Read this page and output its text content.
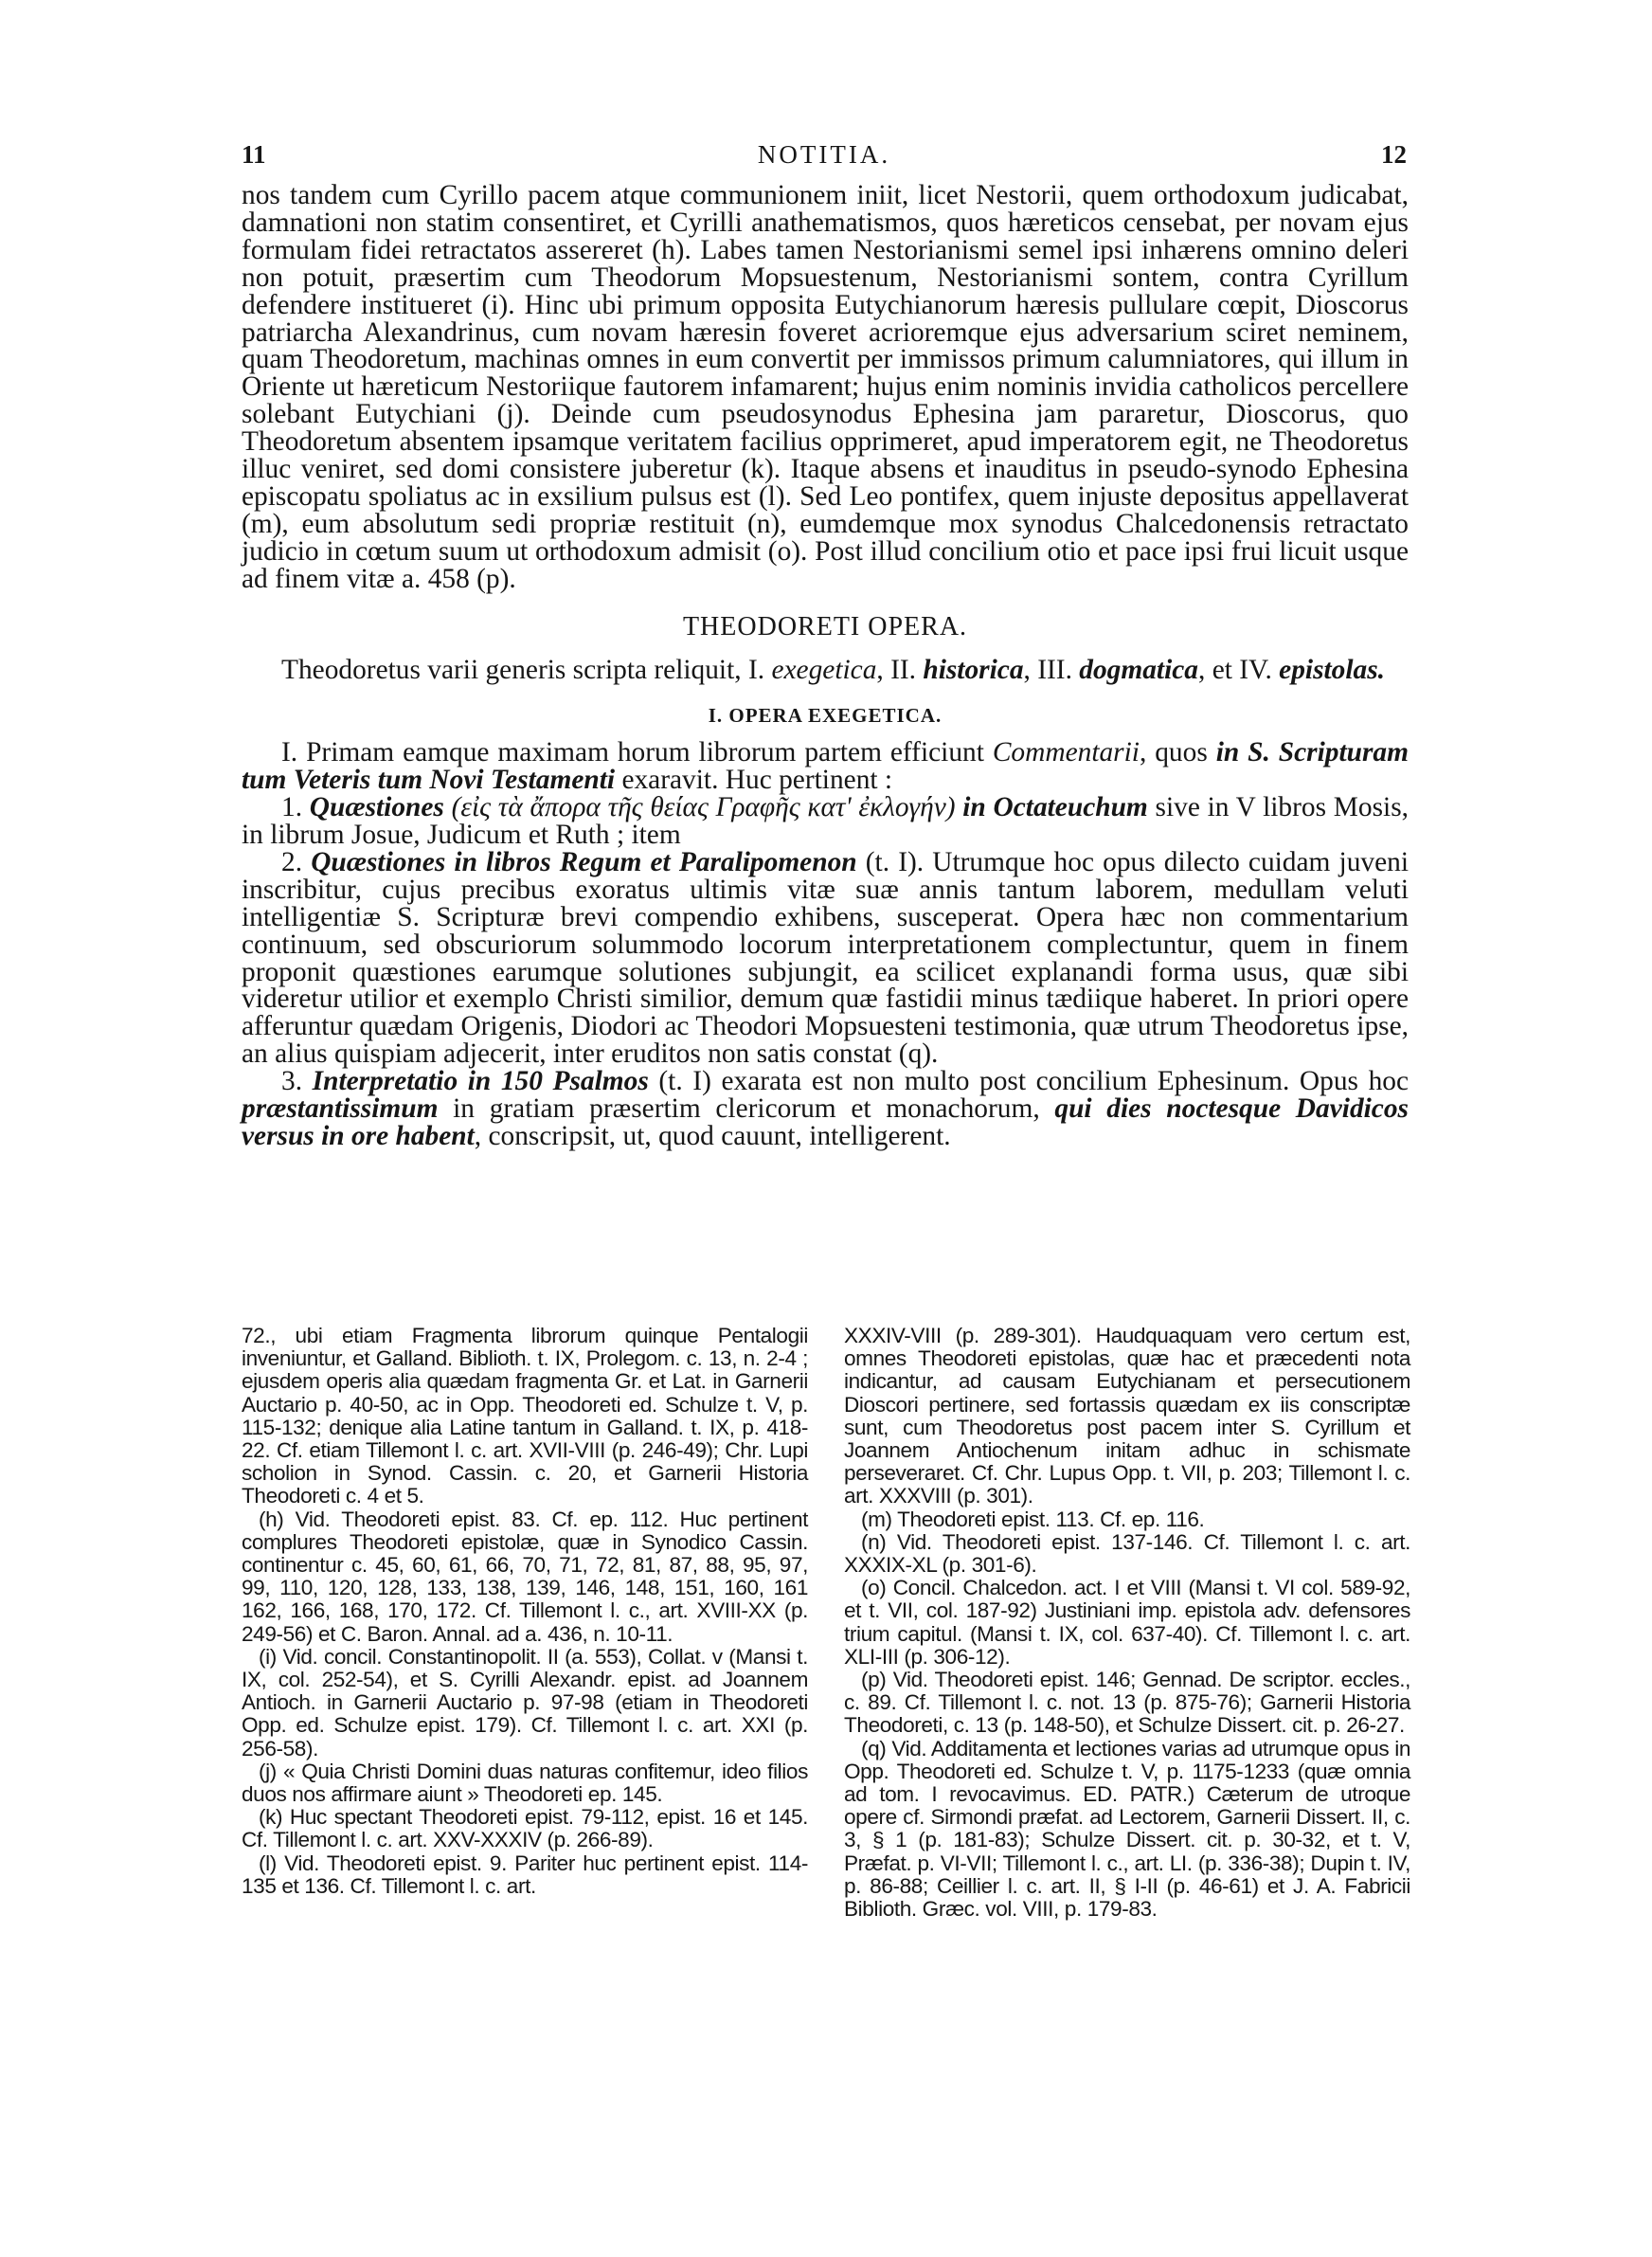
11	NOTITIA.	12

nos tandem cum Cyrillo pacem atque communionem iniit, licet Nestorii, quem orthodoxum judicabat, damnationi non statim consentiret, et Cyrilli anathematismos, quos hæreticos censebat, per novam ejus formulam fidei retractatos assereret (h). Labes tamen Nestorianismi semel ipsi inhærens omnino deleri non potuit, præsertim cum Theodorum Mopsuestenum, Nestorianismi sontem, contra Cyrillum defendere institueret (i). Hinc ubi primum opposita Eutychianorum hæresis pullulare cœpit, Dioscorus patriarcha Alexandrinus, cum novam hæresin foveret acrioremque ejus adversarium sciret neminem, quam Theodoretum, machinas omnes in eum convertit per immissos primum calumniatores, qui illum in Oriente ut hæreticum Nestoriique fautorem infamarent; hujus enim nominis invidia catholicos percellere solebant Eutychiani (j). Deinde cum pseudosynodus Ephesina jam pararetur, Dioscorus, quo Theodoretum absentem ipsamque veritatem facilius opprimeret, apud imperatorem egit, ne Theodoretus illuc veniret, sed domi consistere juberetur (k). Itaque absens et inauditus in pseudo-synodo Ephesina episcopatu spoliatus ac in exsilium pulsus est (l). Sed Leo pontifex, quem injuste depositus appellaverat (m), eum absolutum sedi propriæ restituit (n), eumdemque mox synodus Chalcedonensis retractato judicio in cœtum suum ut orthodoxum admisit (o). Post illud concilium otio et pace ipsi frui licuit usque ad finem vitæ a. 458 (p).

THEODORETI OPERA.

Theodoretus varii generis scripta reliquit, I. exegetica, II. historica, III. dogmatica, et IV. epistolas.

I. OPERA EXEGETICA.

I. Primam eamque maximam horum librorum partem efficiunt Commentarii, quos in S. Scripturam tum Veteris tum Novi Testamenti exaravit. Huc pertinent :

1. Quæstiones (εἰς τὰ ἄπορα τῆς θείας Γραφῆς κατ' ἐκλογήν) in Octateuchum sive in V libros Mosis, in librum Josue, Judicum et Ruth ; item

2. Quæstiones in libros Regum et Paralipomenon (t. I). Utrumque hoc opus dilecto cuidam juveni inscribitur, cujus precibus exoratus ultimis vitæ suæ annis tantum laborem, medullam veluti intelligentiæ S. Scripturæ brevi compendio exhibens, susceperat. Opera hæc non commentarium continuum, sed obscuriorum solummodo locorum interpretationem complectuntur, quem in finem proponit quæstiones earumque solutiones subjungit, ea scilicet explanandi forma usus, quæ sibi videretur utilior et exemplo Christi similior, demum quæ fastidii minus tædiique haberet. In priori opere afferuntur quædam Origenis, Diodori ac Theodori Mopsuesteni testimonia, quæ utrum Theodoretus ipse, an alius quispiam adjecerit, inter eruditos non satis constat (q).

3. Interpretatio in 150 Psalmos (t. I) exarata est non multo post concilium Ephesinum. Opus hoc præstantissimum in gratiam præsertim clericorum et monachorum, qui dies noctesque Davidicos versus in ore habent, conscripsit, ut, quod cauunt, intelligerent.

72., ubi etiam Fragmenta librorum quinque Pentalogii inveniuntur, et Galland. Biblioth. t. IX, Prolegom. c. 13, n. 2-4 ; ejusdem operis alia quædam fragmenta Gr. et Lat. in Garnerii Auctario p. 40-50, ac in Opp. Theodoreti ed. Schulze t. V, p. 115-132; denique alia Latine tantum in Galland. t. IX, p. 418-22. Cf. etiam Tillemont l. c. art. XVII-VIII (p. 246-49); Chr. Lupi scholion in Synod. Cassin. c. 20, et Garnerii Historia Theodoreti c. 4 et 5.

(h) Vid. Theodoreti epist. 83. Cf. ep. 112. Huc pertinent complures Theodoreti epistolæ, quæ in Synodico Cassin. continentur c. 45, 60, 61, 66, 70, 71, 72, 81, 87, 88, 95, 97, 99, 110, 120, 128, 133, 138, 139, 146, 148, 151, 160, 161 162, 166, 168, 170, 172. Cf. Tillemont l. c., art. XVIII-XX (p. 249-56) et C. Baron. Annal. ad a. 436, n. 10-11.

(i) Vid. concil. Constantinopolit. II (a. 553), Collat. v (Mansi t. IX, col. 252-54), et S. Cyrilli Alexandr. epist. ad Joannem Antioch. in Garnerii Auctario p. 97-98 (etiam in Theodoreti Opp. ed. Schulze epist. 179). Cf. Tillemont l. c. art. XXI (p. 256-58).

(j) « Quia Christi Domini duas naturas confitemur, ideo filios duos nos affirmare aiunt » Theodoreti ep. 145.

(k) Huc spectant Theodoreti epist. 79-112, epist. 16 et 145. Cf. Tillemont l. c. art. XXV-XXXIV (p. 266-89).

(l) Vid. Theodoreti epist. 9. Pariter huc pertinent epist. 114-135 et 136. Cf. Tillemont l. c. art.

XXXIV-VIII (p. 289-301). Haudquaquam vero certum est, omnes Theodoreti epistolas, quæ hac et præcedenti nota indicantur, ad causam Eutychianam et persecutionem Dioscori pertinere, sed fortassis quædam ex iis conscriptæ sunt, cum Theodoretus post pacem inter S. Cyrillum et Joannem Antiochenum initam adhuc in schismate perseveraret. Cf. Chr. Lupus Opp. t. VII, p. 203; Tillemont l. c. art. XXXVIII (p. 301).

(m) Theodoreti epist. 113. Cf. ep. 116.

(n) Vid. Theodoreti epist. 137-146. Cf. Tillemont l. c. art. XXXIX-XL (p. 301-6).

(o) Concil. Chalcedon. act. I et VIII (Mansi t. VI col. 589-92, et t. VII, col. 187-92) Justiniani imp. epistola adv. defensores trium capitul. (Mansi t. IX, col. 637-40). Cf. Tillemont l. c. art. XLI-III (p. 306-12).

(p) Vid. Theodoreti epist. 146; Gennad. De scriptor. eccles., c. 89. Cf. Tillemont l. c. not. 13 (p. 875-76); Garnerii Historia Theodoreti, c. 13 (p. 148-50), et Schulze Dissert. cit. p. 26-27.

(q) Vid. Additamenta et lectiones varias ad utrumque opus in Opp. Theodoreti ed. Schulze t. V, p. 1175-1233 (quæ omnia ad tom. I revocavimus. ED. PATR.) Cæterum de utroque opere cf. Sirmondi præfat. ad Lectorem, Garnerii Dissert. II, c. 3, § 1 (p. 181-83); Schulze Dissert. cit. p. 30-32, et t. V, Præfat. p. VI-VII; Tillemont l. c., art. LI. (p. 336-38); Dupin t. IV, p. 86-88; Ceillier l. c. art. II, § I-II (p. 46-61) et J. A. Fabricii Biblioth. Græc. vol. VIII, p. 179-83.
